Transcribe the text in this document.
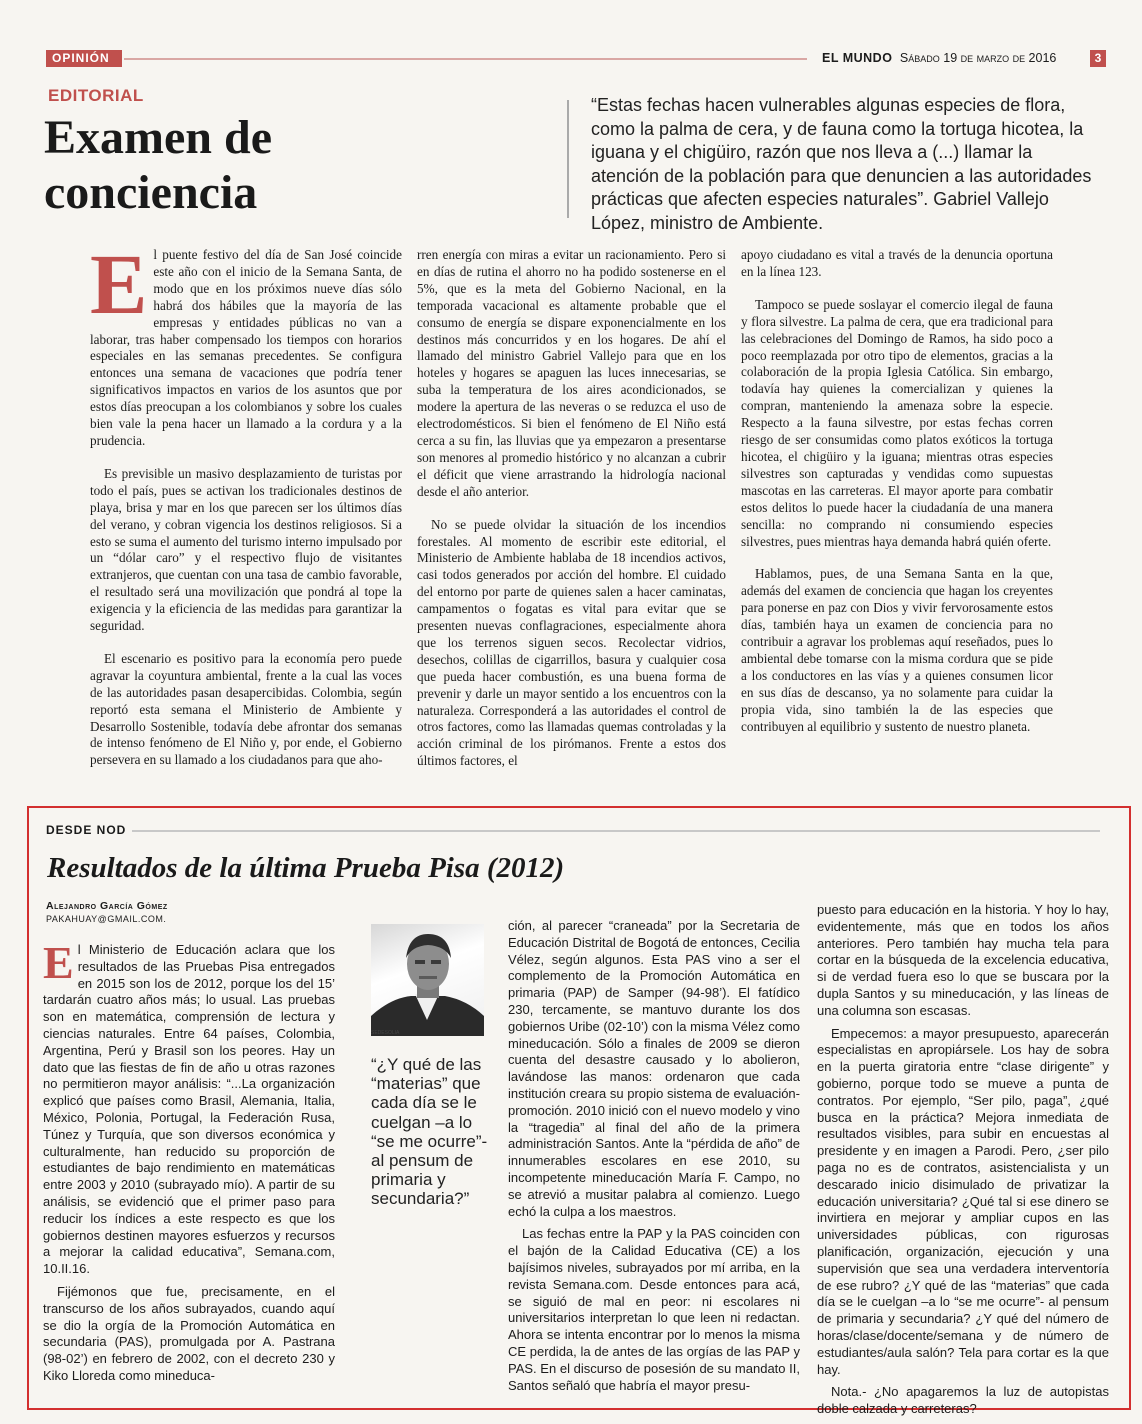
OPINIÓN	EL MUNDO Sábado 19 de marzo de 2016	3
EDITORIAL
Examen de conciencia
“Estas fechas hacen vulnerables algunas especies de flora, como la palma de cera, y de fauna como la tortuga hicotea, la iguana y el chigüiro, razón que nos lleva a (...) llamar la atención de la población para que denuncien a las autoridades prácticas que afecten especies naturales”. Gabriel Vallejo López, ministro de Ambiente.

El puente festivo del día de San José coincide este año con el inicio de la Semana Santa, de modo que en los próximos nueve días sólo habrá dos hábiles que la mayoría de las empresas y entidades públicas no van a laborar, tras haber compensado los tiempos con horarios especiales en las semanas precedentes. Se configura entonces una semana de vacaciones que podría tener significativos impactos en varios de los asuntos que por estos días preocupan a los colombianos y sobre los cuales bien vale la pena hacer un llamado a la cordura y a la prudencia.

Es previsible un masivo desplazamiento de turistas por todo el país, pues se activan los tradicionales destinos de playa, brisa y mar en los que parecen ser los últimos días del verano, y cobran vigencia los destinos religiosos. Si a esto se suma el aumento del turismo interno impulsado por un “dólar caro” y el respectivo flujo de visitantes extranjeros, que cuentan con una tasa de cambio favorable, el resultado será una movilización que pondrá al tope la exigencia y la eficiencia de las medidas para garantizar la seguridad.

El escenario es positivo para la economía pero puede agravar la coyuntura ambiental, frente a la cual las voces de las autoridades pasan desapercibidas. Colombia, según reportó esta semana el Ministerio de Ambiente y Desarrollo Sostenible, todavía debe afrontar dos semanas de intenso fenómeno de El Niño y, por ende, el Gobierno persevera en su llamado a los ciudadanos para que aho-

rren energía con miras a evitar un racionamiento. Pero si en días de rutina el ahorro no ha podido sostenerse en el 5%, que es la meta del Gobierno Nacional, en la temporada vacacional es altamente probable que el consumo de energía se dispare exponencialmente en los destinos más concurridos y en los hogares. De ahí el llamado del ministro Gabriel Vallejo para que en los hoteles y hogares se apaguen las luces innecesarias, se suba la temperatura de los aires acondicionados, se modere la apertura de las neveras o se reduzca el uso de electrodomésticos. Si bien el fenómeno de El Niño está cerca a su fin, las lluvias que ya empezaron a presentarse son menores al promedio histórico y no alcanzan a cubrir el déficit que viene arrastrando la hidrología nacional desde el año anterior.

No se puede olvidar la situación de los incendios forestales. Al momento de escribir este editorial, el Ministerio de Ambiente hablaba de 18 incendios activos, casi todos generados por acción del hombre. El cuidado del entorno por parte de quienes salen a hacer caminatas, campamentos o fogatas es vital para evitar que se presenten nuevas conflagraciones, especialmente ahora que los terrenos siguen secos. Recolectar vidrios, desechos, colillas de cigarrillos, basura y cualquier cosa que pueda hacer combustión, es una buena forma de prevenir y darle un mayor sentido a los encuentros con la naturaleza. Corresponderá a las autoridades el control de otros factores, como las llamadas quemas controladas y la acción criminal de los pirómanos. Frente a estos dos últimos factores, el

apoyo ciudadano es vital a través de la denuncia oportuna en la línea 123.

Tampoco se puede soslayar el comercio ilegal de fauna y flora silvestre. La palma de cera, que era tradicional para las celebraciones del Domingo de Ramos, ha sido poco a poco reemplazada por otro tipo de elementos, gracias a la colaboración de la propia Iglesia Católica. Sin embargo, todavía hay quienes la comercializan y quienes la compran, manteniendo la amenaza sobre la especie. Respecto a la fauna silvestre, por estas fechas corren riesgo de ser consumidas como platos exóticos la tortuga hicotea, el chigüiro y la iguana; mientras otras especies silvestres son capturadas y vendidas como supuestas mascotas en las carreteras. El mayor aporte para combatir estos delitos lo puede hacer la ciudadanía de una manera sencilla: no comprando ni consumiendo especies silvestres, pues mientras haya demanda habrá quién oferte.

Hablamos, pues, de una Semana Santa en la que, además del examen de conciencia que hagan los creyentes para ponerse en paz con Dios y vivir fervorosamente estos días, también haya un examen de conciencia para no contribuir a agravar los problemas aquí reseñados, pues lo ambiental debe tomarse con la misma cordura que se pide a los conductores en las vías y a quienes consumen licor en sus días de descanso, ya no solamente para cuidar la propia vida, sino también la de las especies que contribuyen al equilibrio y sustento de nuestro planeta.

DESDE NOD
Resultados de la última Prueba Pisa (2012)
Alejandro García Gómez
PAKAHUAY@GMAIL.COM.

El Ministerio de Educación aclara que los resultados de las Pruebas Pisa entregados en 2015 son los de 2012, porque los del 15’ tardarán cuatro años más; lo usual. Las pruebas son en matemática, comprensión de lectura y ciencias naturales. Entre 64 países, Colombia, Argentina, Perú y Brasil son los peores. Hay un dato que las fiestas de fin de año u otras razones no permitieron mayor análisis: “...La organización explicó que países como Brasil, Alemania, Italia, México, Polonia, Portugal, la Federación Rusa, Túnez y Turquía, que son diversos económica y culturalmente, han reducido su proporción de estudiantes de bajo rendimiento en matemáticas entre 2003 y 2010 (subrayado mío). A partir de su análisis, se evidenció que el primer paso para reducir los índices a este respecto es que los gobiernos destinen mayores esfuerzos y recursos a mejorar la calidad educativa”, Semana.com, 10.II.16.

Fijémonos que fue, precisamente, en el transcurso de los años subrayados, cuando aquí se dio la orgía de la Promoción Automática en secundaria (PAS), promulgada por A. Pastrana (98-02’) en febrero de 2002, con el decreto 230 y Kiko Lloreda como mineduca-

SEDESOLIA
“¿Y qué de las “materias” que cada día se le cuelgan –a lo “se me ocurre”- al pensum de primaria y secundaria?”

ción, al parecer “craneada” por la Secretaria de Educación Distrital de Bogotá de entonces, Cecilia Vélez, según algunos. Esta PAS vino a ser el complemento de la Promoción Automática en primaria (PAP) de Samper (94-98’). El fatídico 230, tercamente, se mantuvo durante los dos gobiernos Uribe (02-10’) con la misma Vélez como mineducación. Sólo a finales de 2009 se dieron cuenta del desastre causado y lo abolieron, lavándose las manos: ordenaron que cada institución creara su propio sistema de evaluación-promoción. 2010 inició con el nuevo modelo y vino la “tragedia” al final del año de la primera administración Santos. Ante la “pérdida de año” de innumerables escolares en ese 2010, su incompetente mineducación María F. Campo, no se atrevió a musitar palabra al comienzo. Luego echó la culpa a los maestros.

Las fechas entre la PAP y la PAS coinciden con el bajón de la Calidad Educativa (CE) a los bajísimos niveles, subrayados por mí arriba, en la revista Semana.com. Desde entonces para acá, se siguió de mal en peor: ni escolares ni universitarios interpretan lo que leen ni redactan. Ahora se intenta encontrar por lo menos la misma CE perdida, la de antes de las orgías de las PAP y PAS. En el discurso de posesión de su mandato II, Santos señaló que habría el mayor presu-

puesto para educación en la historia. Y hoy lo hay, evidentemente, más que en todos los años anteriores. Pero también hay mucha tela para cortar en la búsqueda de la excelencia educativa, si de verdad fuera eso lo que se buscara por la dupla Santos y su mineducación, y las líneas de una columna son escasas.

Empecemos: a mayor presupuesto, aparecerán especialistas en apropiársele. Los hay de sobra en la puerta giratoria entre “clase dirigente” y gobierno, porque todo se mueve a punta de contratos. Por ejemplo, “Ser pilo, paga”, ¿qué busca en la práctica? Mejora inmediata de resultados visibles, para subir en encuestas al presidente y en imagen a Parodi. Pero, ¿ser pilo paga no es de contratos, asistencialista y un descarado inicio disimulado de privatizar la educación universitaria? ¿Qué tal si ese dinero se invirtiera en mejorar y ampliar cupos en las universidades públicas, con rigurosas planificación, organización, ejecución y una supervisión que sea una verdadera interventoría de ese rubro? ¿Y qué de las “materias” que cada día se le cuelgan –a lo “se me ocurre”- al pensum de primaria y secundaria? ¿Y qué del número de horas/clase/docente/semana y de número de estudiantes/aula salón? Tela para cortar es la que hay.

Nota.- ¿No apagaremos la luz de autopistas doble calzada y carreteras?
